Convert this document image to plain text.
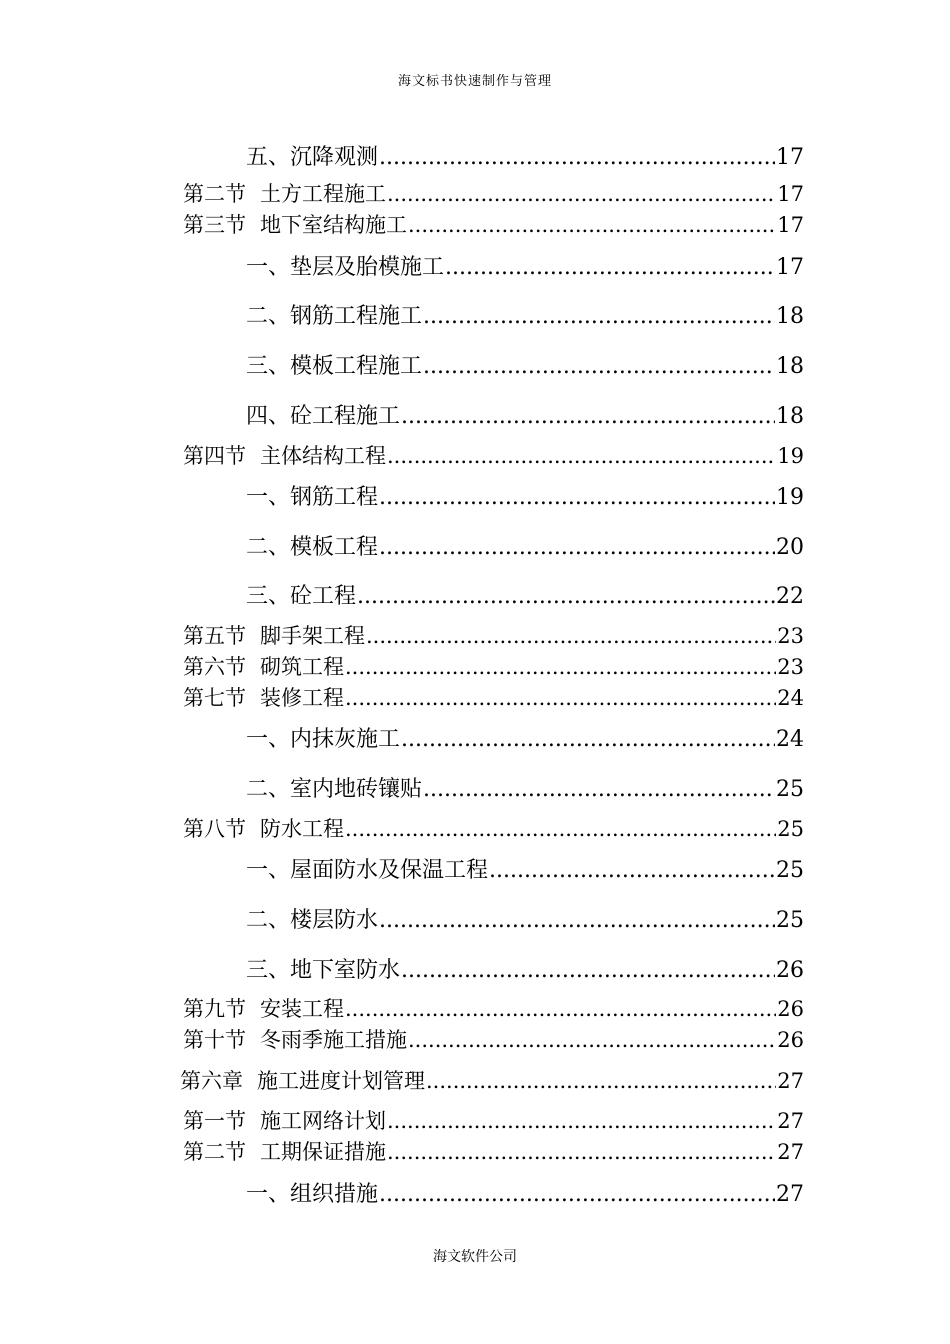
海文标书快速制作与管理
五、 沉降观测 .....	17
第二节 土方工程施工 .....	17
第三节 地下室结构施工 .....	17
一、 垫层及胎模施工 .....	17
二、 钢筋工程施工 .....	18
三、 模板工程施工 .....	18
四、 砼工程施工 .....	18
第四节 主体结构工程 .....	19
一、 钢筋工程 .....	19
二、 模板工程 .....	20
三、 砼工程 .....	22
第五节 脚手架工程 .....	23
第六节 砌筑工程 .....	23
第七节 装修工程 .....	24
一、 内抹灰施工 .....	24
二、 室内地砖镶贴 .....	25
第八节 防水工程 .....	25
一、 屋面防水及保温工程 .....	25
二、 楼层防水 .....	25
三、 地下室防水 .....	26
第九节 安装工程 .....	26
第十节 冬雨季施工措施 .....	26
第六章 施工进度计划管理 .....	27
第一节 施工网络计划 .....	27
第二节 工期保证措施 .....	27
一、 组织措施 .....	27
海文软件公司
